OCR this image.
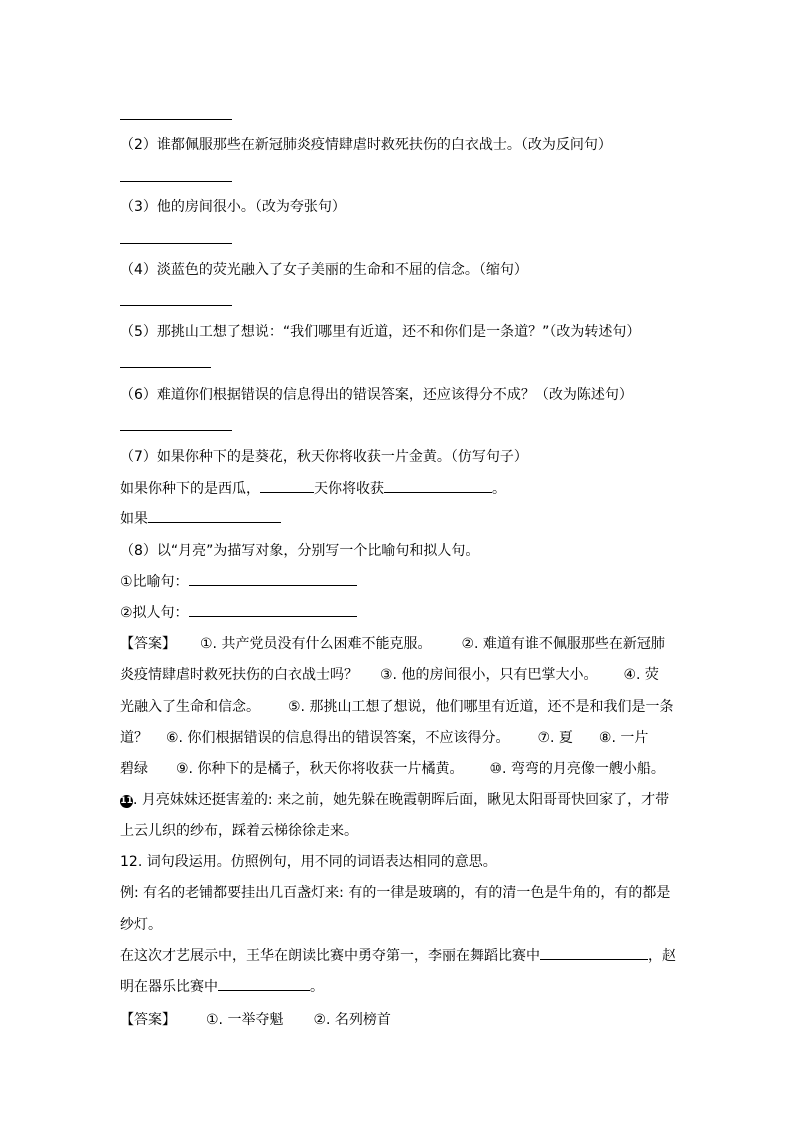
（2）谁都佩服那些在新冠肺炎疫情肆虐时救死扶伤的白衣战士。（改为反问句）
（3）他的房间很小。（改为夸张句）
（4）淡蓝色的荧光融入了女子美丽的生命和不屈的信念。（缩句）
（5）那挑山工想了想说：“我们哪里有近道，还不和你们是一条道？”（改为转述句）
（6）难道你们根据错误的信息得出的错误答案，还应该得分不成？（改为陈述句）
（7）如果你种下的是葵花，秋天你将收获一片金黄。（仿写句子）
如果你种下的是西瓜，	天你将收获	。
如果
（8）以“月亮”为描写对象，分别写一个比喻句和拟人句。
①比喻句：
②拟人句：
【答案】 ①. 共产党员没有什么困难不能克服。 ②. 难道有谁不佩服那些在新冠肺
炎疫情肆虐时救死扶伤的白衣战士吗？ ③. 他的房间很小，只有巴掌大小。 ④. 荧
光融入了生命和信念。 ⑤. 那挑山工想了想说，他们哪里有近道，还不是和我们是一条
道？ ⑥. 你们根据错误的信息得出的错误答案，不应该得分。 ⑦. 夏 ⑧. 一片
碧绿 ⑨. 你种下的是橘子，秋天你将收获一片橘黄。 ⑩. 弯弯的月亮像一艘小船。
11. 月亮妹妹还挺害羞的: 来之前，她先躲在晚霞朝晖后面，瞅见太阳哥哥快回家了，才带
上云儿织的纱布，踩着云梯徐徐走来。
12. 词句段运用。仿照例句，用不同的词语表达相同的意思。
例: 有名的老铺都要挂出几百盏灯来: 有的一律是玻璃的，有的清一色是牛角的，有的都是
纱灯。
在这次才艺展示中，王华在朗读比赛中勇夺第一，李丽在舞蹈比赛中	，赵
明在器乐比赛中	。
【答案】 ①. 一举夺魁 ②. 名列榜首
